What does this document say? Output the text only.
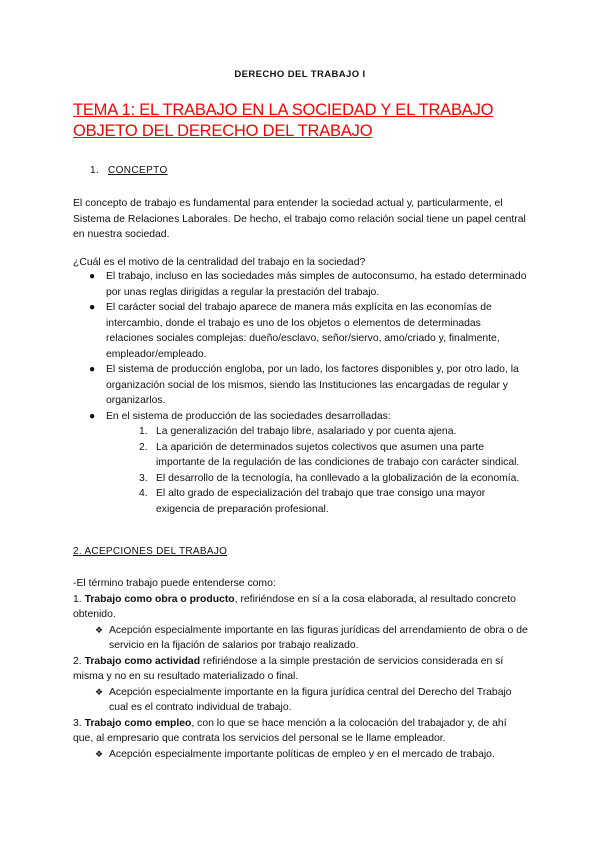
DERECHO DEL TRABAJO I
TEMA 1: EL TRABAJO EN LA SOCIEDAD Y EL TRABAJO
OBJETO DEL DERECHO DEL TRABAJO
1. CONCEPTO
El concepto de trabajo es fundamental para entender la sociedad actual y, particularmente, el Sistema de Relaciones Laborales. De hecho, el trabajo como relación social tiene un papel central en nuestra sociedad.
¿Cuál es el motivo de la centralidad del trabajo en la sociedad?
● El trabajo, incluso en las sociedades más simples de autoconsumo, ha estado determinado por unas reglas dirigidas a regular la prestación del trabajo.
● El carácter social del trabajo aparece de manera más explícita en las economías de intercambio, donde el trabajo es uno de los objetos o elementos de determinadas relaciones sociales complejas: dueño/esclavo, señor/siervo, amo/criado y, finalmente, empleador/empleado.
● El sistema de producción engloba, por un lado, los factores disponibles y, por otro lado, la organización social de los mismos, siendo las Instituciones las encargadas de regular y organizarlos.
● En el sistema de producción de las sociedades desarrolladas:
1. La generalización del trabajo libre, asalariado y por cuenta ajena.
2. La aparición de determinados sujetos colectivos que asumen una parte importante de la regulación de las condiciones de trabajo con carácter sindical.
3. El desarrollo de la tecnología, ha conllevado a la globalización de la economía.
4. El alto grado de especialización del trabajo que trae consigo una mayor exigencia de preparación profesional.
2. ACEPCIONES DEL TRABAJO

-El término trabajo puede entenderse como:

1. Trabajo como obra o producto, refiriéndose en sí a la cosa elaborada, al resultado concreto obtenido.

❖ Acepción especialmente importante en las figuras jurídicas del arrendamiento de obra o de servicio en la fijación de salarios por trabajo realizado.

2. Trabajo como actividad refiriéndose a la simple prestación de servicios considerada en sí misma y no en su resultado materializado o final.

❖ Acepción especialmente importante en la figura jurídica central del Derecho del Trabajo cual es el contrato individual de trabajo.

3. Trabajo como empleo, con lo que se hace mención a la colocación del trabajador y, de ahí que, al empresario que contrata los servicios del personal se le llame empleador.

❖ Acepción especialmente importante políticas de empleo y en el mercado de trabajo.
